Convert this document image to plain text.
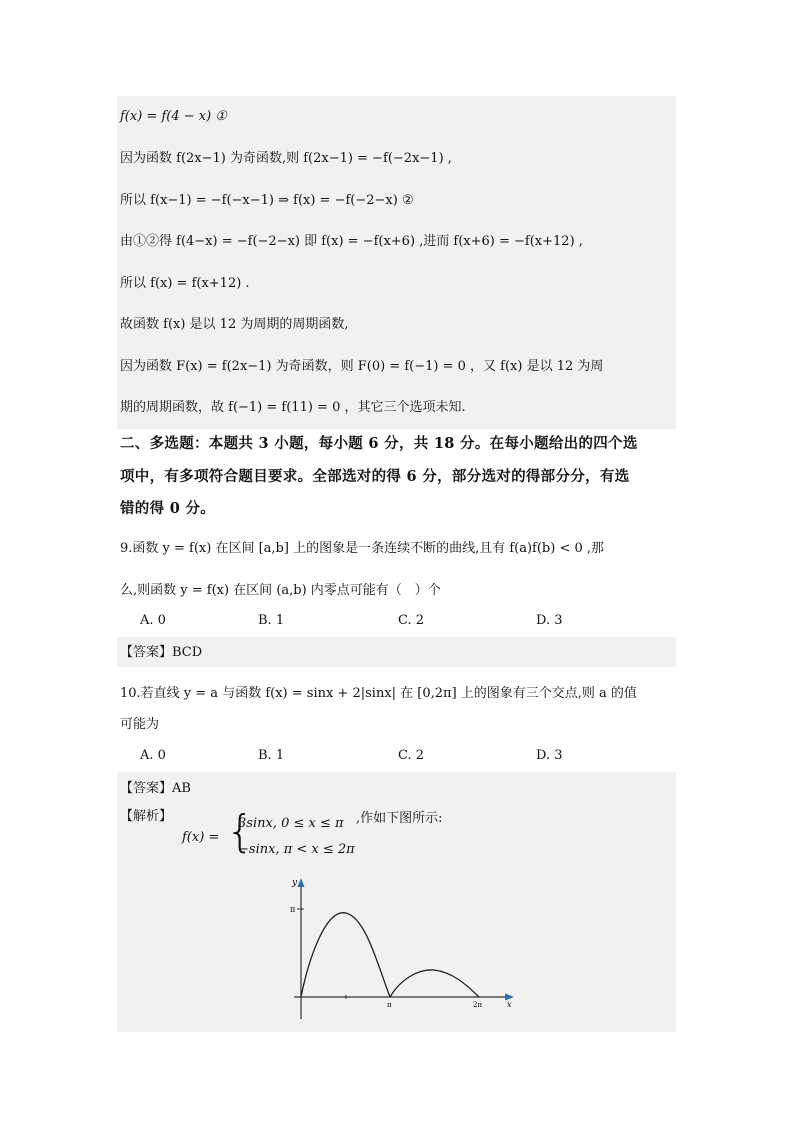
f(x) = f(4 − x) ①
因为函数 f(2x−1) 为奇函数,则 f(2x−1) = −f(−2x−1) ,
所以 f(x−1) = −f(−x−1) ⇒ f(x) = −f(−2−x) ②
由①②得 f(4−x) = −f(−2−x) 即 f(x) = −f(x+6) ,进而 f(x+6) = −f(x+12) ,
所以 f(x) = f(x+12) .
故函数 f(x) 是以 12 为周期的周期函数,
因为函数 F(x) = f(2x−1) 为奇函数，则 F(0) = f(−1) = 0 ，又 f(x) 是以 12 为周
期的周期函数，故 f(−1) = f(11) = 0 ，其它三个选项未知.
二、多选题：本题共 3 小题，每小题 6 分，共 18 分。在每小题给出的四个选
项中，有多项符合题目要求。全部选对的得 6 分，部分选对的得部分分，有选
错的得 0 分。
9.函数 y = f(x) 在区间 [a,b] 上的图象是一条连续不断的曲线,且有 f(a)f(b) < 0 ,那
么,则函数 y = f(x) 在区间 (a,b) 内零点可能有（　）个
A. 0	B. 1	C. 2	D. 3
【答案】BCD
10.若直线 y = a 与函数 f(x) = sinx + 2|sinx| 在 [0,2π] 上的图象有三个交点,则 a 的值
可能为
A. 0	B. 1	C. 2	D. 3
【答案】AB
【解析】
f(x) = {
3sinx, 0 ≤ x ≤ π
−sinx, π < x ≤ 2π
,作如下图所示:
y
π
π	2π	x
